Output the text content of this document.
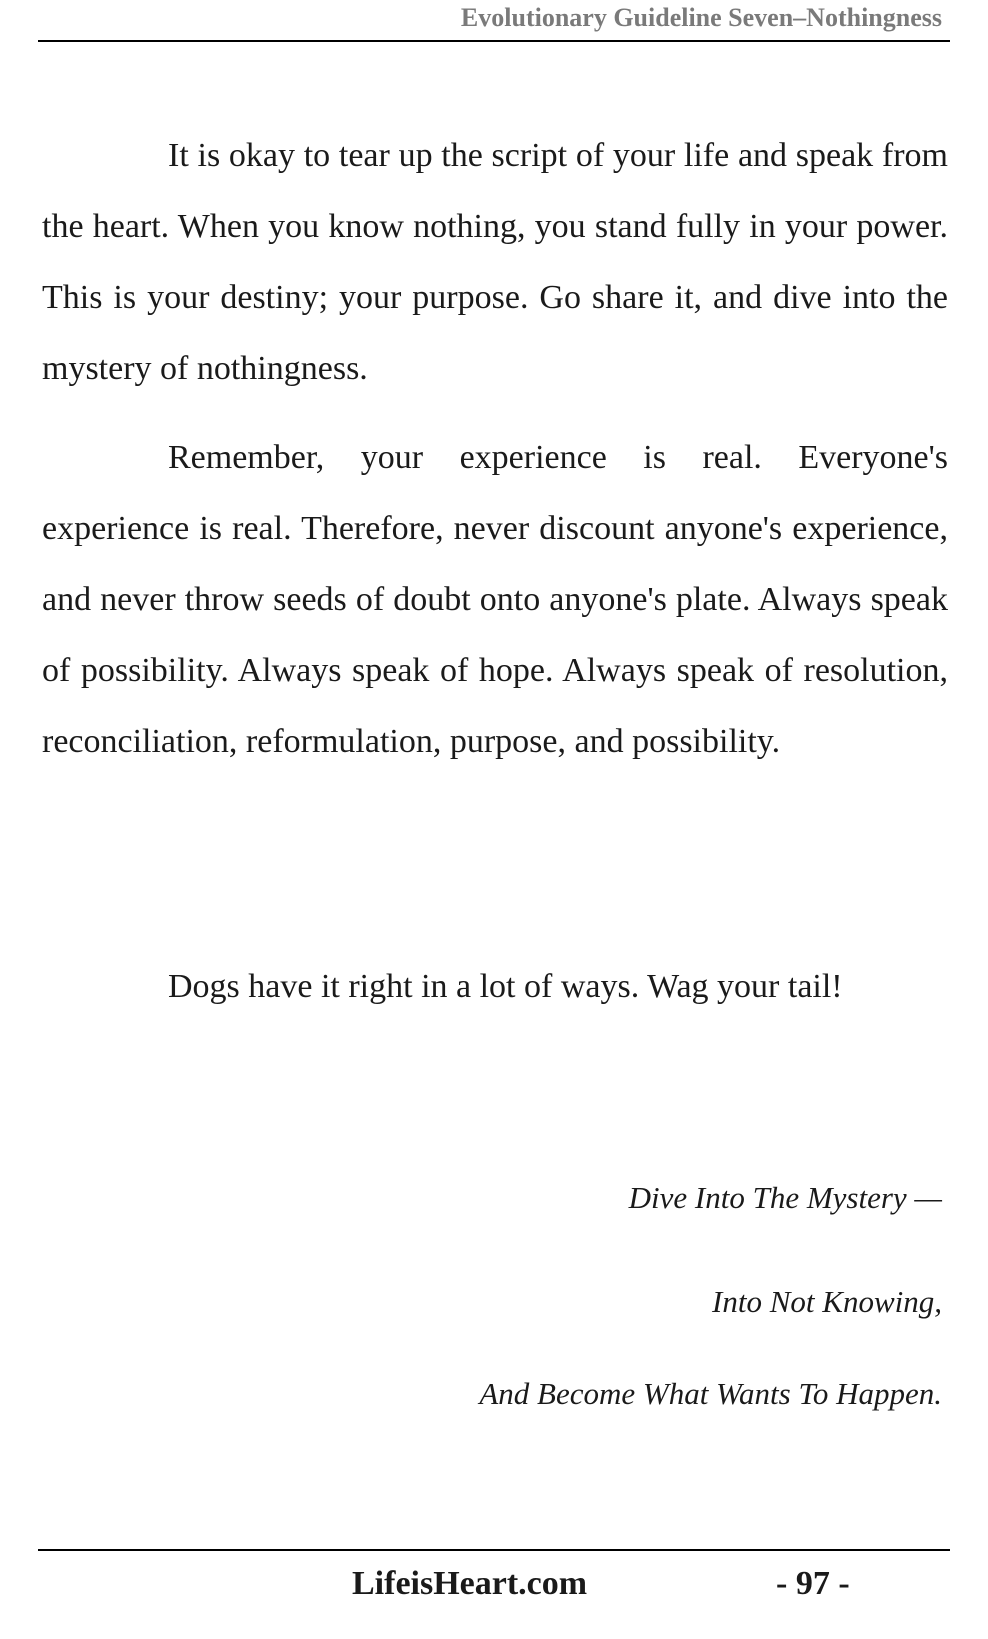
Evolutionary Guideline Seven–Nothingness

It is okay to tear up the script of your life and speak from the heart. When you know nothing, you stand fully in your power. This is your destiny; your purpose. Go share it, and dive into the mystery of nothingness.

Remember, your experience is real. Everyone's experience is real. Therefore, never discount anyone's experience, and never throw seeds of doubt onto anyone's plate. Always speak of possibility. Always speak of hope. Always speak of resolution, reconciliation, reformulation, purpose, and possibility.

Dogs have it right in a lot of ways. Wag your tail!
Dive Into The Mystery —
Into Not Knowing,
And Become What Wants To Happen.
LifeisHeart.com	- 97 -
